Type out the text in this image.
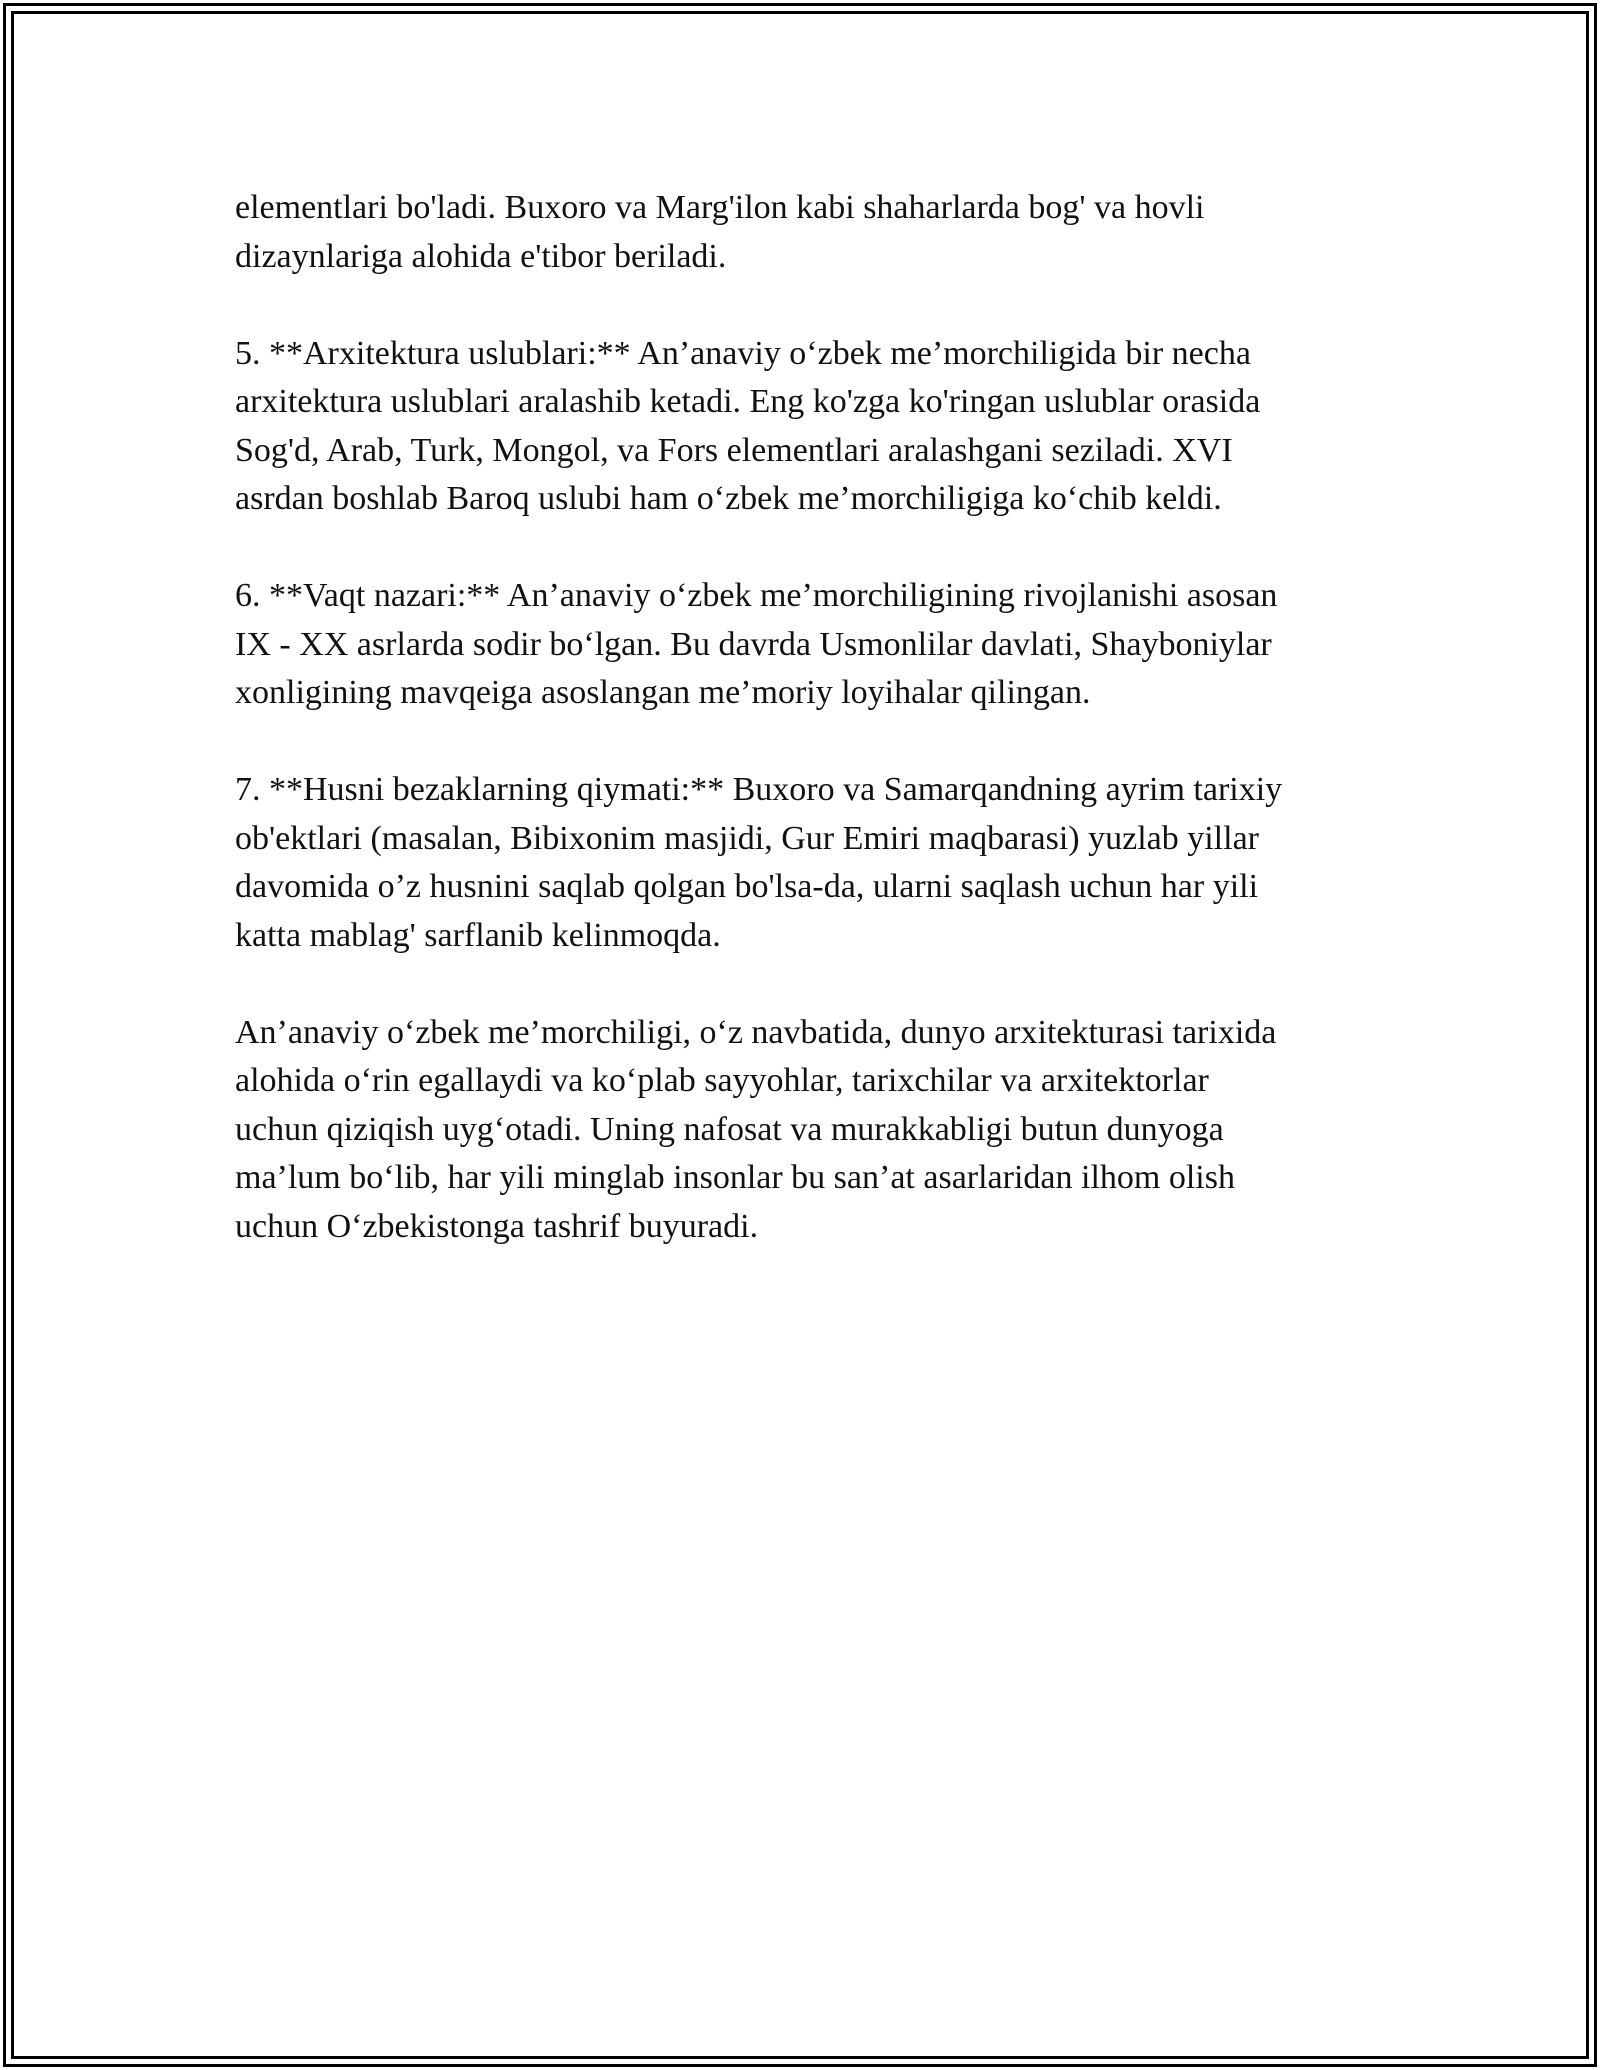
elementlari bo'ladi. Buxoro va Marg'ilon kabi shaharlarda bog' va hovli
dizaynlariga alohida e'tibor beriladi.

5. **Arxitektura uslublari:** An’anaviy o‘zbek me’morchiligida bir necha
arxitektura uslublari aralashib ketadi. Eng ko'zga ko'ringan uslublar orasida
Sog'd, Arab, Turk, Mongol, va Fors elementlari aralashgani seziladi. XVI
asrdan boshlab Baroq uslubi ham o‘zbek me’morchiligiga ko‘chib keldi.

6. **Vaqt nazari:** An’anaviy o‘zbek me’morchiligining rivojlanishi asosan
IX - XX asrlarda sodir bo‘lgan. Bu davrda Usmonlilar davlati, Shayboniylar
xonligining mavqeiga asoslangan me’moriy loyihalar qilingan.

7. **Husni bezaklarning qiymati:** Buxoro va Samarqandning ayrim tarixiy
ob'ektlari (masalan, Bibixonim masjidi, Gur Emiri maqbarasi) yuzlab yillar
davomida o’z husnini saqlab qolgan bo'lsa-da, ularni saqlash uchun har yili
katta mablag' sarflanib kelinmoqda.

An’anaviy o‘zbek me’morchiligi, o‘z navbatida, dunyo arxitekturasi tarixida
alohida o‘rin egallaydi va ko‘plab sayyohlar, tarixchilar va arxitektorlar
uchun qiziqish uyg‘otadi. Uning nafosat va murakkabligi butun dunyoga
ma’lum bo‘lib, har yili minglab insonlar bu san’at asarlaridan ilhom olish
uchun O‘zbekistonga tashrif buyuradi.
